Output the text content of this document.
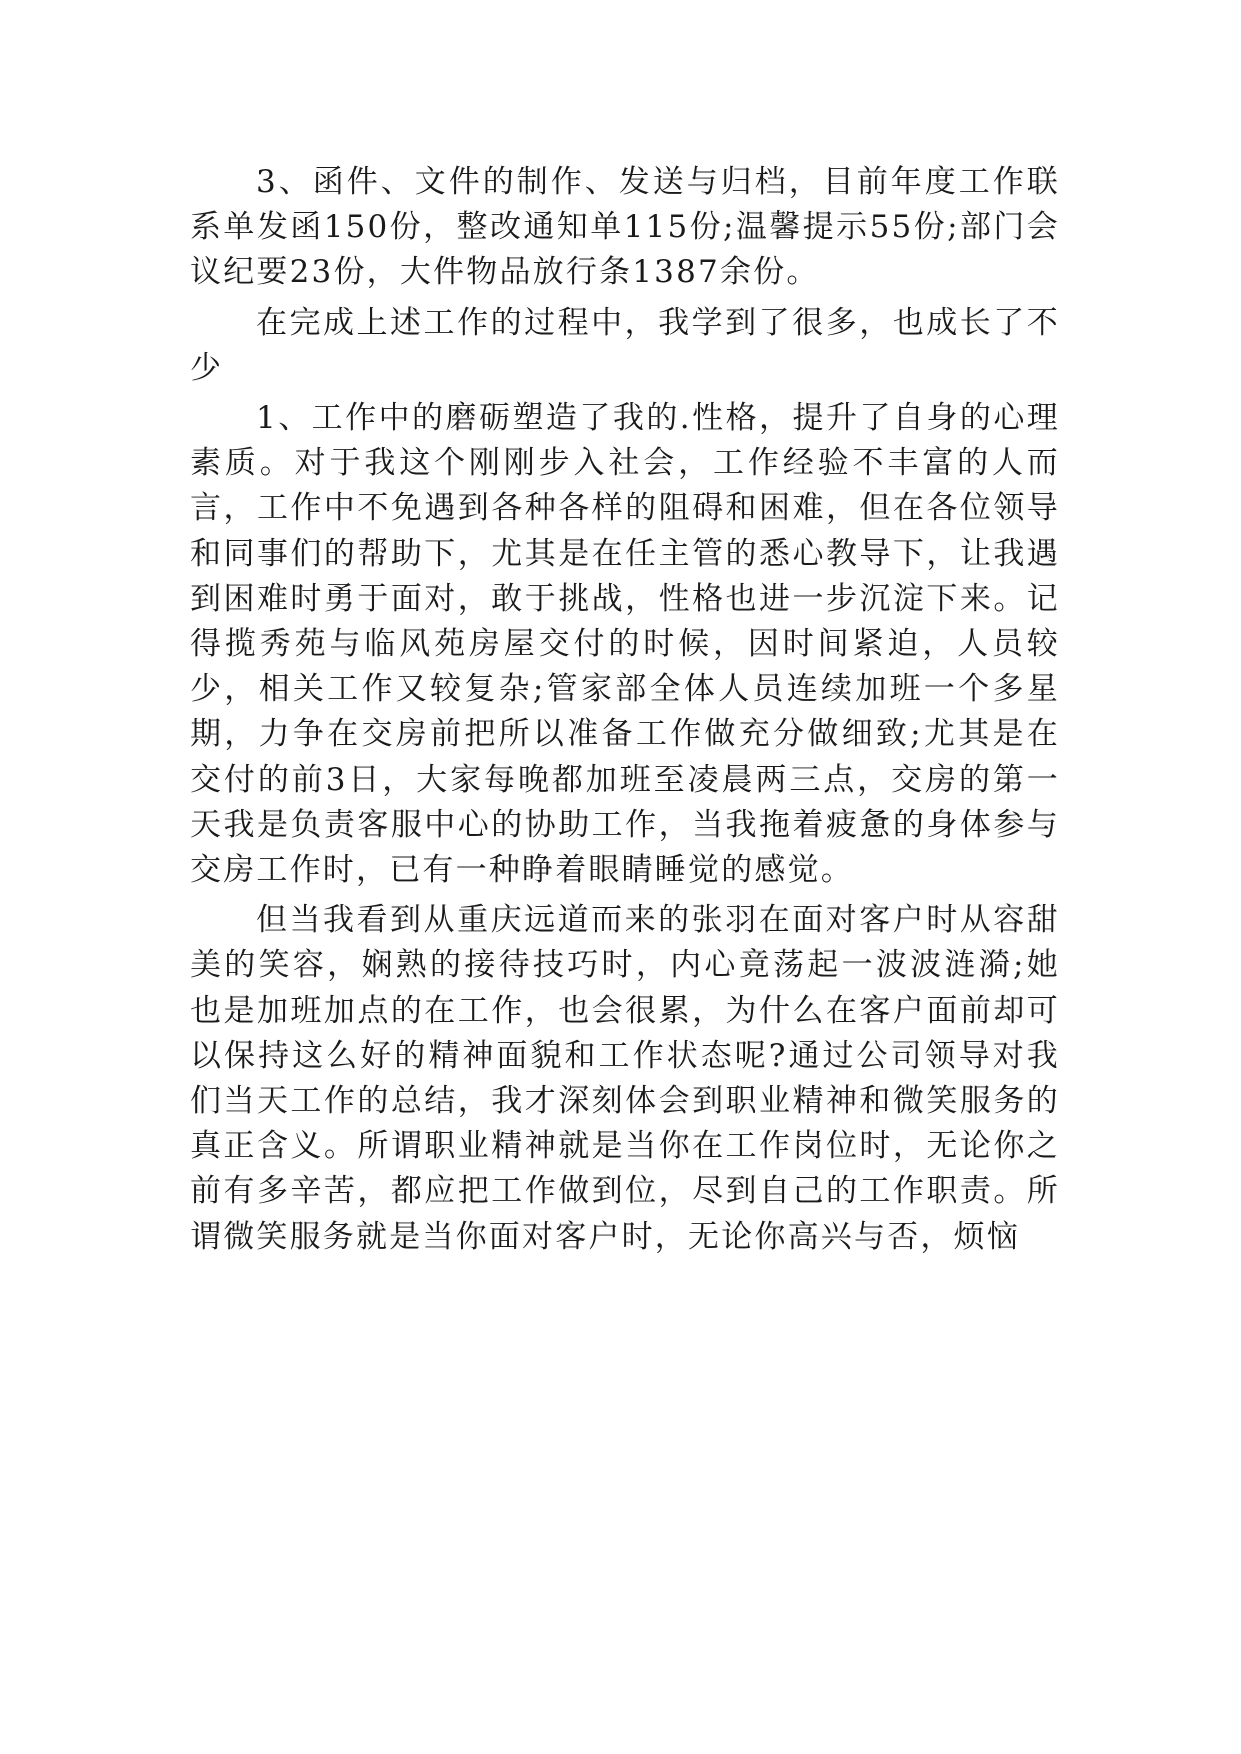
3、函件、文件的制作、发送与归档，目前年度工作联系单发函150份，整改通知单115份;温馨提示55份;部门会议纪要23份，大件物品放行条1387余份。

在完成上述工作的过程中，我学到了很多，也成长了不少

1、工作中的磨砺塑造了我的.性格，提升了自身的心理素质。对于我这个刚刚步入社会，工作经验不丰富的人而言，工作中不免遇到各种各样的阻碍和困难，但在各位领导和同事们的帮助下，尤其是在任主管的悉心教导下，让我遇到困难时勇于面对，敢于挑战，性格也进一步沉淀下来。记得揽秀苑与临风苑房屋交付的时候，因时间紧迫，人员较少，相关工作又较复杂;管家部全体人员连续加班一个多星期，力争在交房前把所以准备工作做充分做细致;尤其是在交付的前3日，大家每晚都加班至凌晨两三点，交房的第一天我是负责客服中心的协助工作，当我拖着疲惫的身体参与交房工作时，已有一种睁着眼睛睡觉的感觉。

但当我看到从重庆远道而来的张羽在面对客户时从容甜美的笑容，娴熟的接待技巧时，内心竟荡起一波波涟漪;她也是加班加点的在工作，也会很累，为什么在客户面前却可以保持这么好的精神面貌和工作状态呢?通过公司领导对我们当天工作的总结，我才深刻体会到职业精神和微笑服务的真正含义。所谓职业精神就是当你在工作岗位时，无论你之前有多辛苦，都应把工作做到位，尽到自己的工作职责。所谓微笑服务就是当你面对客户时，无论你高兴与否，烦恼
